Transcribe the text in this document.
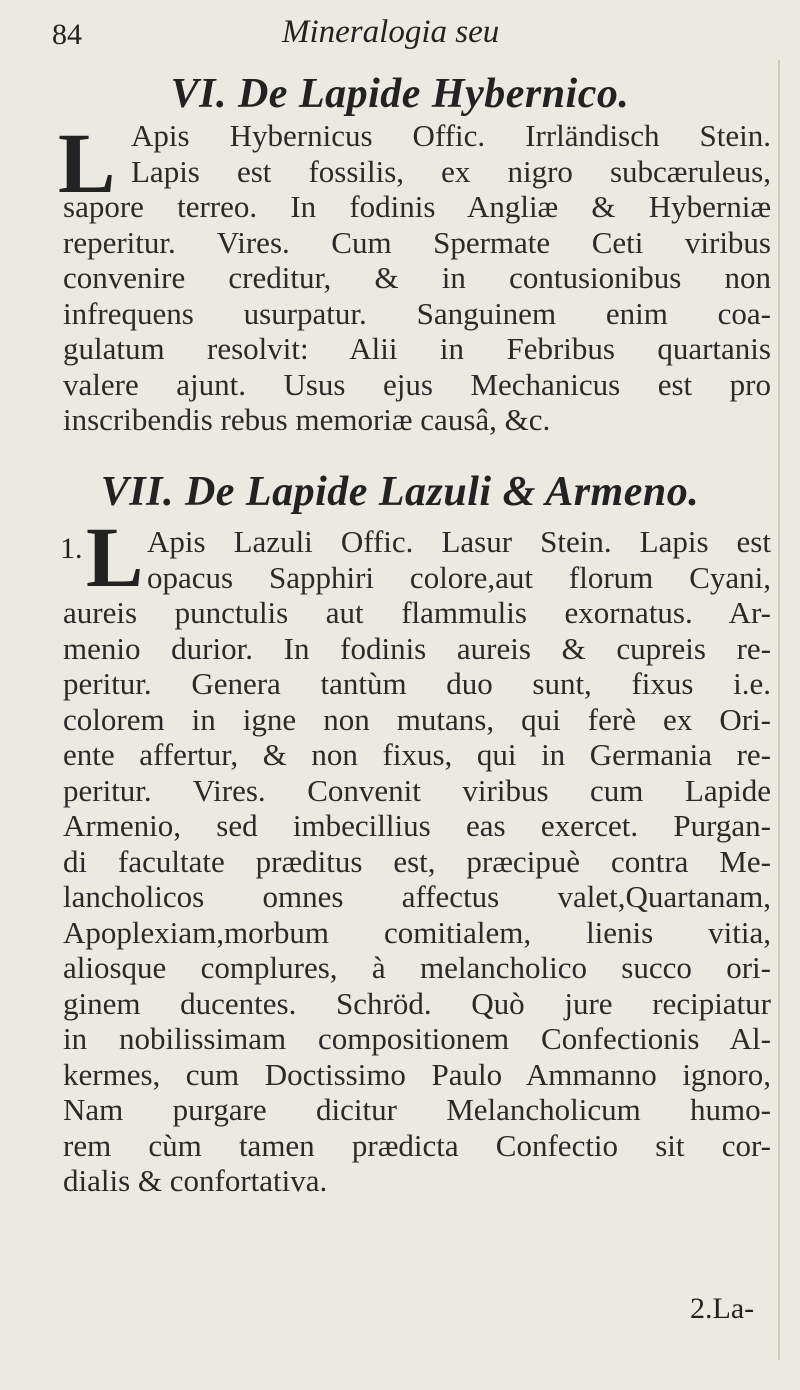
84	Mineralogia seu
VI. De Lapide Hybernico.
L Apis Hybernicus Offic. Irrländisch Stein.
Lapis est fossilis, ex nigro subcæruleus,
sapore terreo. In fodinis Angliæ & Hyberniæ
reperitur. Vires. Cum Spermate Ceti viribus
convenire creditur, & in contusionibus non
infrequens usurpatur. Sanguinem enim coa-
gulatum resolvit: Alii in Febribus quartanis
valere ajunt. Usus ejus Mechanicus est pro
inscribendis rebus memoriæ causâ, &c.
VII. De Lapide Lazuli & Armeno.
1. L Apis Lazuli Offic. Lasur Stein. Lapis est
opacus Sapphiri colore,aut florum Cyani,
aureis punctulis aut flammulis exornatus. Ar-
menio durior. In fodinis aureis & cupreis re-
peritur. Genera tantùm duo sunt, fixus i.e.
colorem in igne non mutans, qui ferè ex Ori-
ente affertur, & non fixus, qui in Germania re-
peritur. Vires. Convenit viribus cum Lapide
Armenio, sed imbecillius eas exercet. Purgan-
di facultate præditus est, præcipuè contra Me-
lancholicos omnes affectus valet,Quartanam,
Apoplexiam,morbum comitialem, lienis vitia,
aliosque complures, à melancholico succo ori-
ginem ducentes. Schröd. Quò jure recipiatur
in nobilissimam compositionem Confectionis Al-
kermes, cum Doctissimo Paulo Ammanno ignoro,
Nam purgare dicitur Melancholicum humo-
rem cùm tamen prædicta Confectio sit cor-
dialis & confortativa.
2.La-
